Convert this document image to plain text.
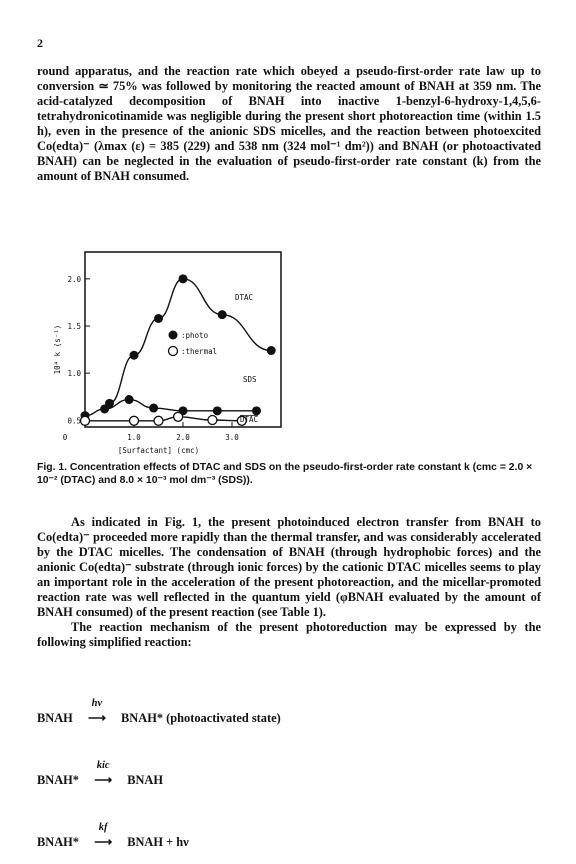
2

round apparatus, and the reaction rate which obeyed a pseudo-first-order rate law up to conversion ≃ 75% was followed by monitoring the reacted amount of BNAH at 359 nm. The acid-catalyzed decomposition of BNAH into inactive 1-benzyl-6-hydroxy-1,4,5,6-tetrahydronicotinamide was negligible during the present short photoreaction time (within 1.5 h), even in the presence of the anionic SDS micelles, and the reaction between photoexcited Co(edta)⁻ (λmax (ε) = 385 (229) and 538 nm (324 mol⁻¹ dm²)) and BNAH (or photoactivated BNAH) can be neglected in the evaluation of pseudo-first-order rate constant (k) from the amount of BNAH consumed.

0.5
1.0
1.5
2.0
0	1.0	2.0	3.0
[Surfactant] (cmc)
10⁴ k (s⁻¹)	:photo
:thermal
DTAC
SDS
DTAC
Fig. 1. Concentration effects of DTAC and SDS on the pseudo-first-order rate constant k (cmc = 2.0 × 10⁻² (DTAC) and 8.0 × 10⁻³ mol dm⁻³ (SDS)).

As indicated in Fig. 1, the present photoinduced electron transfer from BNAH to Co(edta)⁻ proceeded more rapidly than the thermal transfer, and was considerably accelerated by the DTAC micelles. The condensation of BNAH (through hydrophobic forces) and the anionic Co(edta)⁻ substrate (through ionic forces) by the cationic DTAC micelles seems to play an important role in the acceleration of the present photoreaction, and the micellar-promoted reaction rate was well reflected in the quantum yield (φBNAH evaluated by the amount of BNAH consumed) of the present reaction (see Table 1).

The reaction mechanism of the present photoreduction may be expressed by the following simplified reaction:

BNAH
hν
⟶ BNAH* (photoactivated state)
BNAH*
kic
⟶ BNAH
BNAH*
kf
⟶ BNAH + hν
